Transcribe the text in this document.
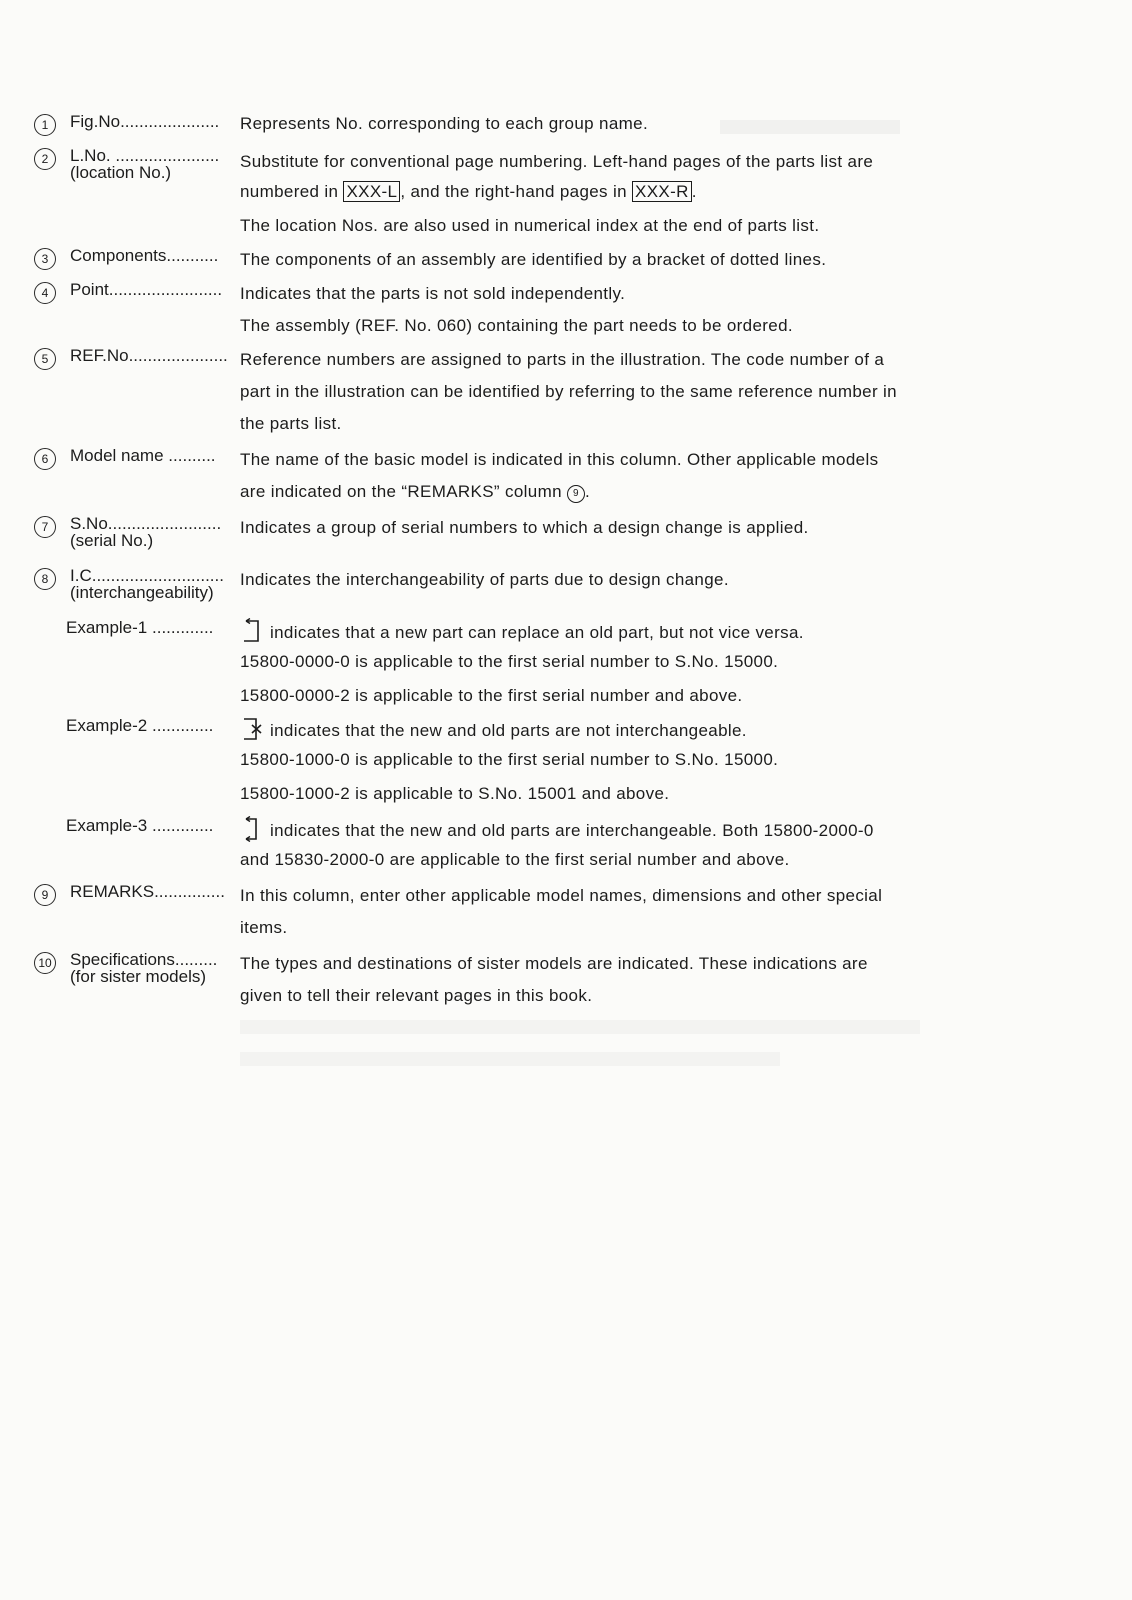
1	Fig.No..................... Represents No. corresponding to each group name.
2	L.No. ......................
(location No.)
Substitute for conventional page numbering. Left-hand pages of the parts list are
numbered in XXX-L , and the right-hand pages in XXX-R .
The location Nos. are also used in numerical index at the end of parts list.
3	Components........... The components of an assembly are identified by a bracket of dotted lines.
4	Point........................ Indicates that the parts is not sold independently.
The assembly (REF. No. 060) containing the part needs to be ordered.
5	REF.No..................... Reference numbers are assigned to parts in the illustration. The code number of a
part in the illustration can be identified by referring to the same reference number in
the parts list.
6	Model name .......... The name of the basic model is indicated in this column. Other applicable models
are indicated on the “REMARKS” column 9 .
7	S.No........................
(serial No.)
Indicates a group of serial numbers to which a design change is applied.
8	I.C............................
(interchangeability)
Indicates the interchangeability of parts due to design change.
Example-1 .............	indicates that a new part can replace an old part, but not vice versa.
15800-0000-0 is applicable to the first serial number to S.No. 15000.
15800-0000-2 is applicable to the first serial number and above.
Example-2 .............	indicates that the new and old parts are not interchangeable.
15800-1000-0 is applicable to the first serial number to S.No. 15000.
15800-1000-2 is applicable to S.No. 15001 and above.
Example-3 .............	indicates that the new and old parts are interchangeable. Both 15800-2000-0
and 15830-2000-0 are applicable to the first serial number and above.
9	REMARKS............... In this column, enter other applicable model names, dimensions and other special
items.
10 Specifications.........
(for sister models)
The types and destinations of sister models are indicated. These indications are
given to tell their relevant pages in this book.
